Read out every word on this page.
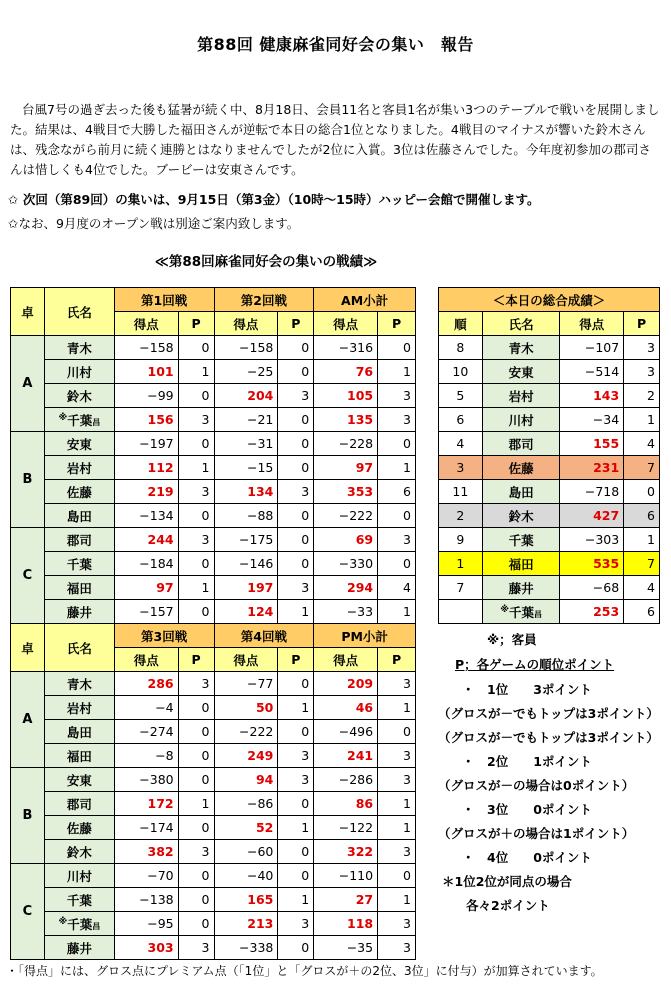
第88回 健康麻雀同好会の集い　報告
台風7号の過ぎ去った後も猛暑が続く中、8月18日、会員11名と客員1名が集い3つのテーブルで戦いを展開しました。結果は、4戦目で大勝した福田さんが逆転で本日の総合1位となりました。4戦目のマイナスが響いた鈴木さんは、残念ながら前月に続く連勝とはなりませんでしたが2位に入賞。3位は佐藤さんでした。今年度初参加の郡司さんは惜しくも4位でした。ブービーは安東さんです。
✩ 次回（第89回）の集いは、9月15日（第3金）（10時～15時）ハッピー会館で開催します。
✩なお、9月度のオープン戦は別途ご案内致します。
≪第88回麻雀同好会の集いの戦績≫
卓	氏名	第1回戦		第2回戦		AM小計	
		得点	P	得点	P	得点	P
A	青木	−158	0	−158	0	−316	0
	川村	101	1	−25	0	76	1
	鈴木	−99	0	204	3	105	3
	※千葉昌	156	3	−21	0	135	3
B	安東	−197	0	−31	0	−228	0
	岩村	112	1	−15	0	97	1
	佐藤	219	3	134	3	353	6
	島田	−134	0	−88	0	−222	0
C	郡司	244	3	−175	0	69	3
	千葉	−184	0	−146	0	−330	0
	福田	97	1	197	3	294	4
	藤井	−157	0	124	1	−33	1
卓	氏名	第3回戦		第4回戦		PM小計	
		得点	P	得点	P	得点	P
A	青木	286	3	−77	0	209	3
	岩村	−4	0	50	1	46	1
	島田	−274	0	−222	0	−496	0
	福田	−8	0	249	3	241	3
B	安東	−380	0	94	3	−286	3
	郡司	172	1	−86	0	86	1
	佐藤	−174	0	52	1	−122	1
	鈴木	382	3	−60	0	322	3
C	川村	−70	0	−40	0	−110	0
	千葉	−138	0	165	1	27	1
	※千葉昌	−95	0	213	3	118	3
	藤井	303	3	−338	0	−35	3
＜本日の総合成績＞			
順	氏名	得点	P
8	青木	−107	3
10	安東	−514	3
5	岩村	143	2
6	川村	−34	1
4	郡司	155	4
3	佐藤	231	7
11	島田	−718	0
2	鈴木	427	6
9	千葉	−303	1
1	福田	535	7
7	藤井	−68	4
	※千葉昌	253	6
※；客員
P；各ゲームの順位ポイント
・　1位　　3ポイント
（グロスが－でもトップは3ポイント）
（グロスが－でもトップは3ポイント）
・　2位　　1ポイント
（グロスが－の場合は0ポイント）
・　3位　　0ポイント
（グロスが＋の場合は1ポイント）
・　4位　　0ポイント
＊1位2位が同点の場合
各々2ポイント
・「得点」には、グロス点にプレミアム点（「1位」と「グロスが＋の2位、3位」に付与）が加算されています。
